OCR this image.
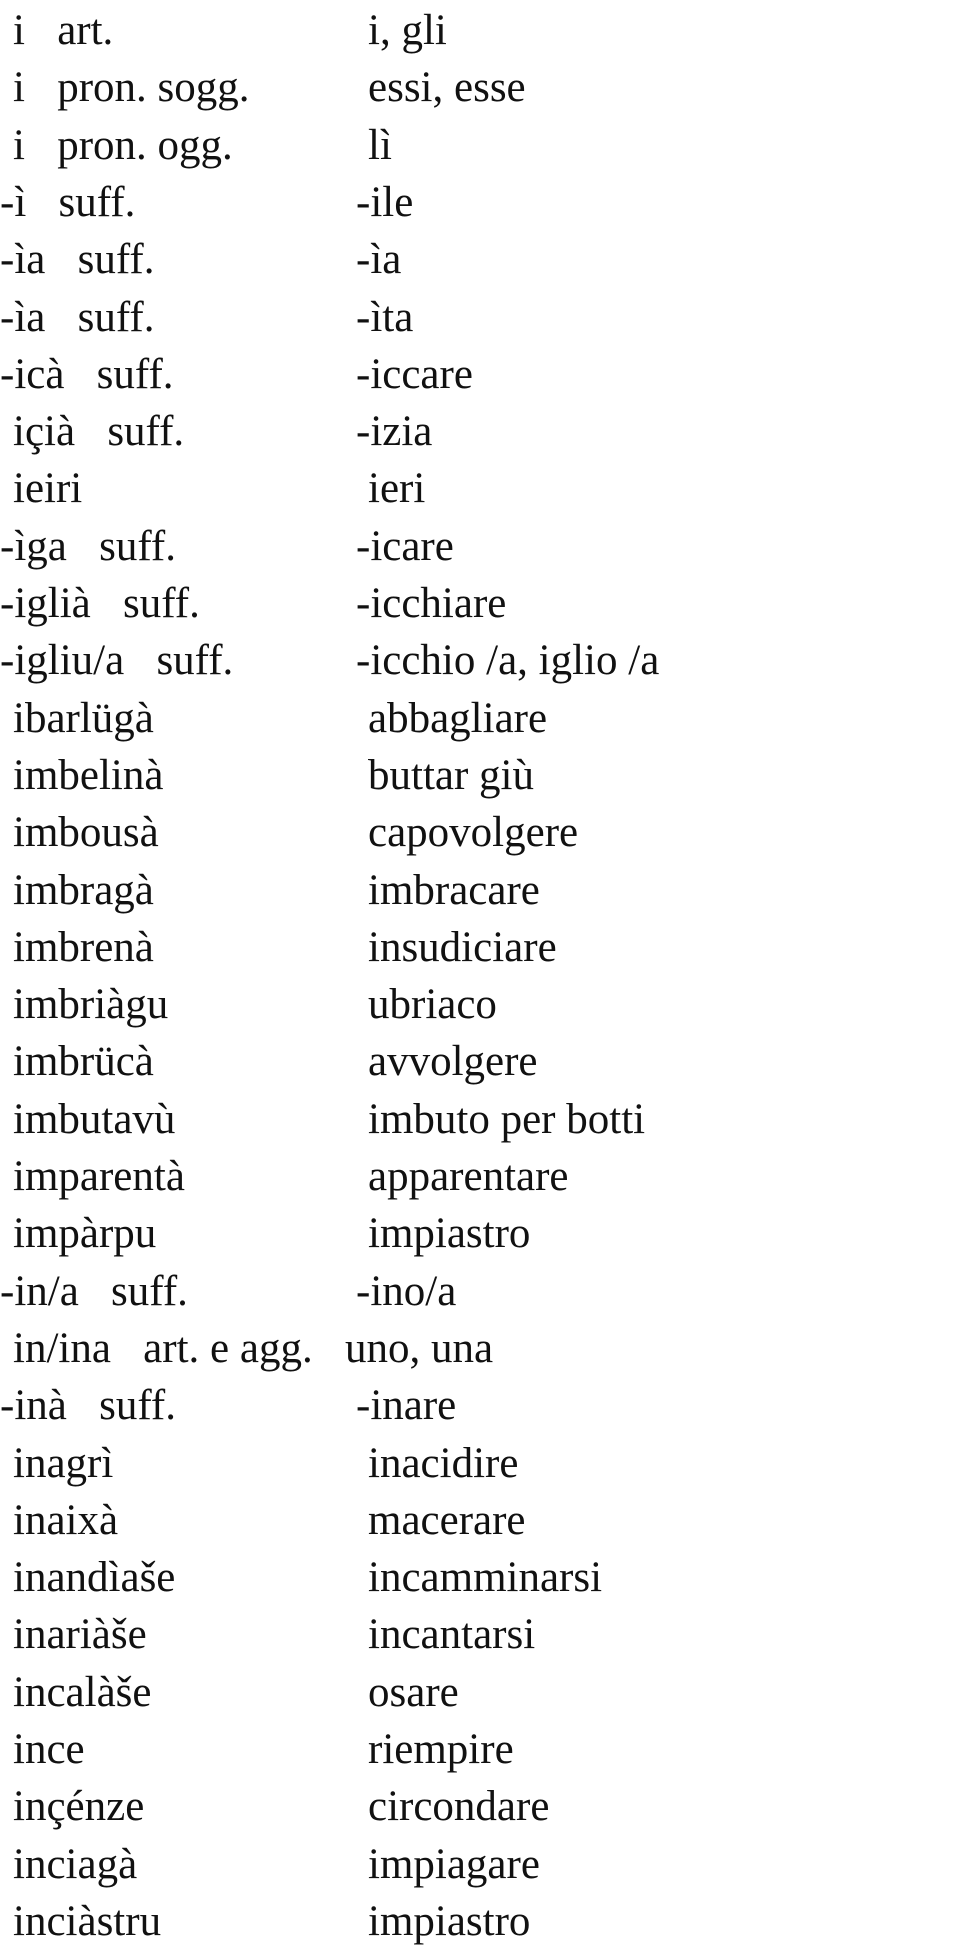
i   art.	i, gli
i   pron. sogg.	essi, esse
i   pron. ogg.	lì
-ì   suff.	-ile
-ìa   suff.	-ìa
-ìa   suff.	-ìta
-icà   suff.	-iccare
içià   suff.	-izia
ieiri	ieri
-ìga   suff.	-icare
-iglià   suff.	-icchiare
-igliu/a   suff.	-icchio /a, iglio /a
ibarlügà	abbagliare
imbelinà	buttar giù
imbousà	capovolgere
imbragà	imbracare
imbrenà	insudiciare
imbriàgu	ubriaco
imbrücà	avvolgere
imbutavù	imbuto per botti
imparentà	apparentare
impàrpu	impiastro
-in/a   suff.	-ino/a
in/ina   art. e agg.   uno, una
-inà   suff.	-inare
inagrì	inacidire
inaixà	macerare
inandìaše	incamminarsi
inariàše	incantarsi
incalàše	osare
ince	riempire
inçénze	circondare
inciagà	impiagare
inciàstru	impiastro
